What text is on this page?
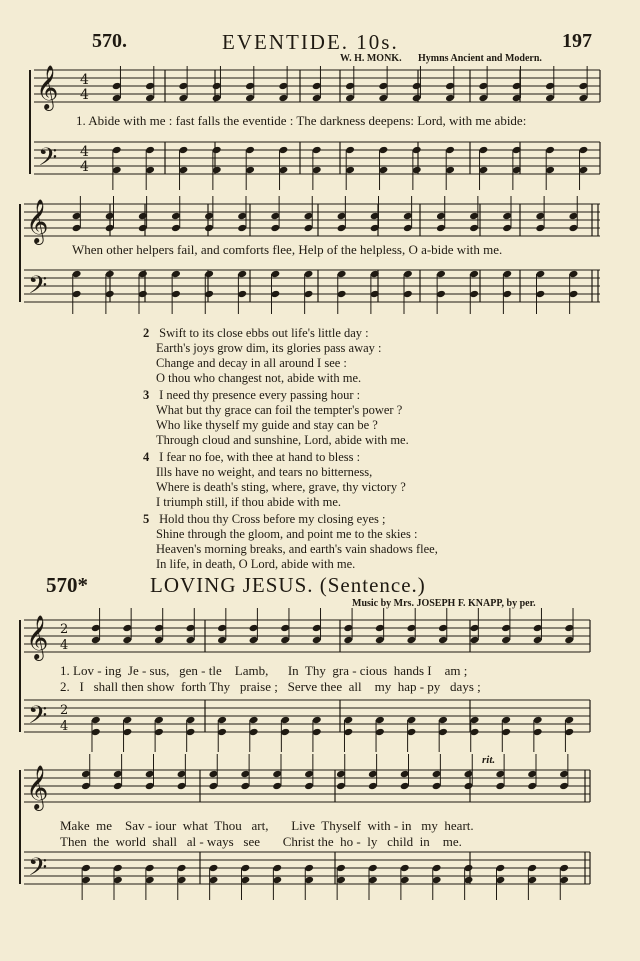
570.	EVENTIDE. 10s.	197
W. H. MONK. Hymns Ancient and Modern.
𝄞
𝄢
4
4
4
4
𝄞
𝄢
𝄞
𝄢
2
4
2
4
𝄞
𝄢
1. Abide with me : fast falls the eventide : The darkness deepens: Lord, with me abide:
When other helpers fail, and comforts flee, Help of the helpless, O a-bide with me.
2 Swift to its close ebbs out life's little day :
Earth's joys grow dim, its glories pass away :
Change and decay in all around I see :
O thou who changest not, abide with me.
3 I need thy presence every passing hour :
What but thy grace can foil the tempter's power ?
Who like thyself my guide and stay can be ?
Through cloud and sunshine, Lord, abide with me.
4 I fear no foe, with thee at hand to bless :
Ills have no weight, and tears no bitterness,
Where is death's sting, where, grave, thy victory ?
I triumph still, if thou abide with me.
5 Hold thou thy Cross before my closing eyes ;
Shine through the gloom, and point me to the skies :
Heaven's morning breaks, and earth's vain shadows flee,
In life, in death, O Lord, abide with me.
570*	LOVING JESUS. (Sentence.)
Music by Mrs. JOSEPH F. KNAPP, by per.
1. Lov - ing  Je - sus,   gen - tle    Lamb,      In  Thy  gra - cious  hands I    am ;
2.   I   shall then show  forth Thy   praise ;   Serve thee  all    my  hap - py   days ;
Make  me    Sav - iour  what  Thou   art,       Live  Thyself  with - in   my  heart.
Then  the  world  shall   al - ways   see       Christ the  ho -  ly   child  in    me.
rit.
